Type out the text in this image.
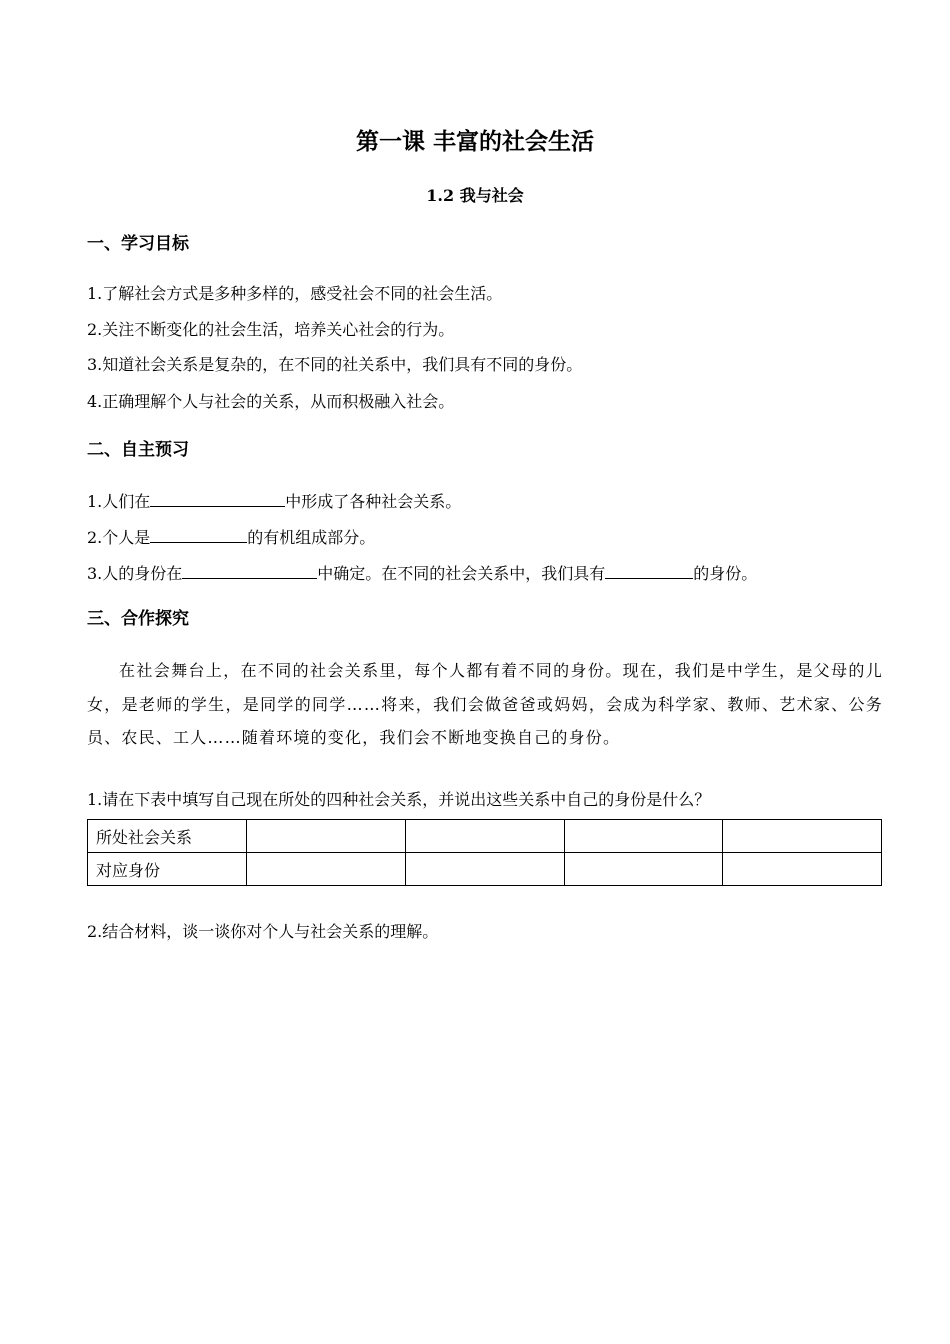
第一课 丰富的社会生活
1.2 我与社会
一、学习目标
1.了解社会方式是多种多样的，感受社会不同的社会生活。
2.关注不断变化的社会生活，培养关心社会的行为。
3.知道社会关系是复杂的，在不同的社关系中，我们具有不同的身份。
4.正确理解个人与社会的关系，从而积极融入社会。
二、自主预习
1.人们在	中形成了各种社会关系。
2.个人是	的有机组成部分。
3.人的身份在	中确定。在不同的社会关系中，我们具有	的身份。
三、合作探究
在社会舞台上，在不同的社会关系里，每个人都有着不同的身份。现在，我们是中学生，是父母的儿女，是老师的学生，是同学的同学……将来，我们会做爸爸或妈妈，会成为科学家、教师、艺术家、公务员、农民、工人……随着环境的变化，我们会不断地变换自己的身份。
1.请在下表中填写自己现在所处的四种社会关系，并说出这些关系中自己的身份是什么？
所处社会关系				
对应身份				
2.结合材料，谈一谈你对个人与社会关系的理解。
